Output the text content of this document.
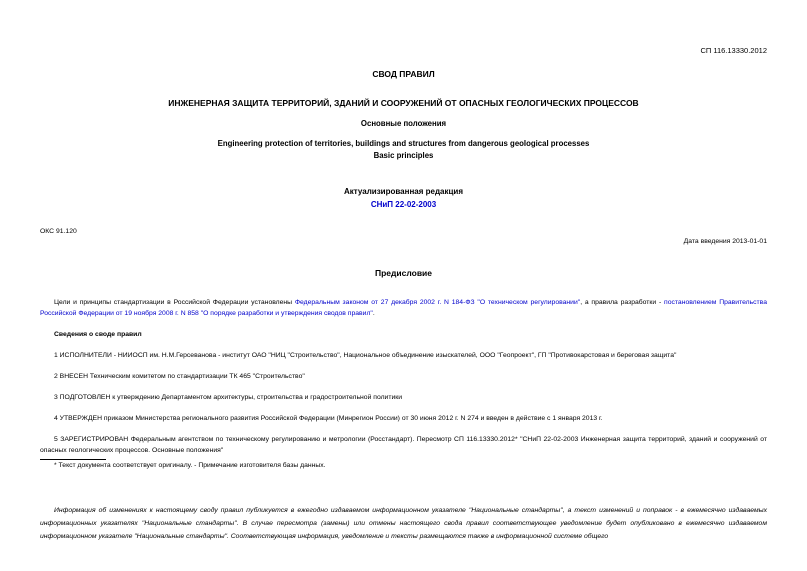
СП 116.13330.2012
СВОД ПРАВИЛ
ИНЖЕНЕРНАЯ ЗАЩИТА ТЕРРИТОРИЙ, ЗДАНИЙ И СООРУЖЕНИЙ ОТ ОПАСНЫХ ГЕОЛОГИЧЕСКИХ ПРОЦЕССОВ
Основные положения
Engineering protection of territories, buildings and structures from dangerous geological processes
Basic principles
Актуализированная редакция
СНиП 22-02-2003
ОКС 91.120
Дата введения 2013-01-01
Предисловие
Цели и принципы стандартизации в Российской Федерации установлены Федеральным законом от 27 декабря 2002 г. N 184-ФЗ "О техническом регулировании", а правила разработки - постановлением Правительства Российской Федерации от 19 ноября 2008 г. N 858 "О порядке разработки и утверждения сводов правил".
Сведения о своде правил
1 ИСПОЛНИТЕЛИ - НИИОСП им. Н.М.Герсеванова - институт ОАО "НИЦ "Строительство", Национальное объединение изыскателей, ООО "Геопроект", ГП "Противокарстовая и береговая защита"
2 ВНЕСЕН Техническим комитетом по стандартизации ТК 465 "Строительство"
3 ПОДГОТОВЛЕН к утверждению Департаментом архитектуры, строительства и градостроительной политики
4 УТВЕРЖДЕН приказом Министерства регионального развития Российской Федерации (Минрегион России) от 30 июня 2012 г. N 274 и введен в действие с 1 января 2013 г.
5 ЗАРЕГИСТРИРОВАН Федеральным агентством по техническому регулированию и метрологии (Росстандарт). Пересмотр СП 116.13330.2012* "СНиП 22-02-2003 Инженерная защита территорий, зданий и сооружений от опасных геологических процессов. Основные положения"
* Текст документа соответствует оригиналу. - Примечание изготовителя базы данных.
Информация об изменениях к настоящему своду правил публикуется в ежегодно издаваемом информационном указателе "Национальные стандарты", а текст изменений и поправок - в ежемесячно издаваемых информационных указателях "Национальные стандарты". В случае пересмотра (замены) или отмены настоящего свода правил соответствующее уведомление будет опубликовано в ежемесячно издаваемом информационном указателе "Национальные стандарты". Соответствующая информация, уведомление и тексты размещаются также в информационной системе общего
